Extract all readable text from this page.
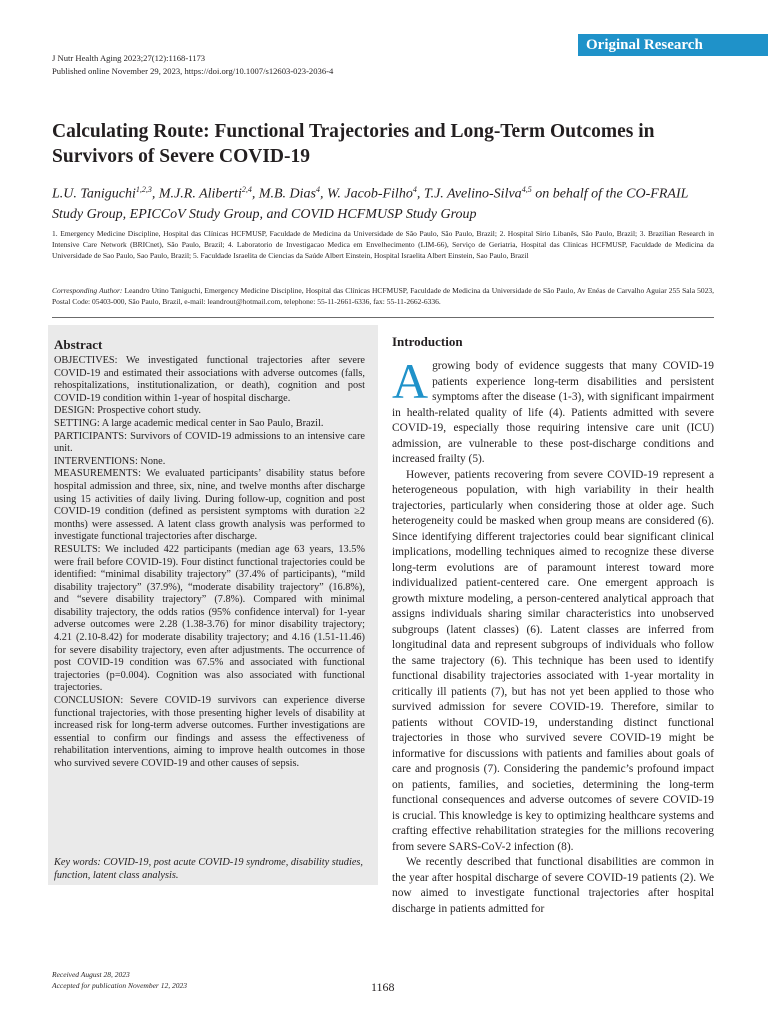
Original Research
J Nutr Health Aging 2023;27(12):1168-1173
Published online November 29, 2023, https://doi.org/10.1007/s12603-023-2036-4
Calculating Route: Functional Trajectories and Long-Term Outcomes in Survivors of Severe COVID-19
L.U. Taniguchi$^{1,2,3}$, M.J.R. Aliberti$^{2,4}$, M.B. Dias$^4$, W. Jacob-Filho$^4$, T.J. Avelino-Silva$^{4,5}$ on behalf of the CO-FRAIL Study Group, EPICCoV Study Group, and COVID HCFMUSP Study Group
1. Emergency Medicine Discipline, Hospital das Clínicas HCFMUSP, Faculdade de Medicina da Universidade de São Paulo, São Paulo, Brazil; 2. Hospital Sírio Libanês, São Paulo, Brazil; 3. Brazilian Research in Intensive Care Network (BRICnet), São Paulo, Brazil; 4. Laboratorio de Investigacao Medica em Envelhecimento (LIM-66), Serviço de Geriatria, Hospital das Clinicas HCFMUSP, Faculdade de Medicina da Universidade de Sao Paulo, Sao Paulo, Brazil; 5. Faculdade Israelita de Ciencias da Saúde Albert Einstein, Hospital Israelita Albert Einstein, Sao Paulo, Brazil
Corresponding Author: Leandro Utino Taniguchi, Emergency Medicine Discipline, Hospital das Clínicas HCFMUSP, Faculdade de Medicina da Universidade de São Paulo, Av Enéas de Carvalho Aguiar 255 Sala 5023, Postal Code: 05403-000, São Paulo, Brazil, e-mail: leandrout@hotmail.com, telephone: 55-11-2661-6336, fax: 55-11-2662-6336.
Abstract

OBJECTIVES: We investigated functional trajectories after severe COVID-19 and estimated their associations with adverse outcomes (falls, rehospitalizations, institutionalization, or death), cognition and post COVID-19 condition within 1-year of hospital discharge.

DESIGN: Prospective cohort study.

SETTING: A large academic medical center in Sao Paulo, Brazil.

PARTICIPANTS: Survivors of COVID-19 admissions to an intensive care unit.

INTERVENTIONS: None.

MEASUREMENTS: We evaluated participants’ disability status before hospital admission and three, six, nine, and twelve months after discharge using 15 activities of daily living. During follow-up, cognition and post COVID-19 condition (defined as persistent symptoms with duration ≥2 months) were assessed. A latent class growth analysis was performed to investigate functional trajectories after discharge.

RESULTS: We included 422 participants (median age 63 years, 13.5% were frail before COVID-19). Four distinct functional trajectories could be identified: “minimal disability trajectory” (37.4% of participants), “mild disability trajectory” (37.9%), “moderate disability trajectory” (16.8%), and “severe disability trajectory” (7.8%). Compared with minimal disability trajectory, the odds ratios (95% confidence interval) for 1-year adverse outcomes were 2.28 (1.38-3.76) for minor disability trajectory; 4.21 (2.10-8.42) for moderate disability trajectory; and 4.16 (1.51-11.46) for severe disability trajectory, even after adjustments. The occurrence of post COVID-19 condition was 67.5% and associated with functional trajectories (p=0.004). Cognition was also associated with functional trajectories.

CONCLUSION: Severe COVID-19 survivors can experience diverse functional trajectories, with those presenting higher levels of disability at increased risk for long-term adverse outcomes. Further investigations are essential to confirm our findings and assess the effectiveness of rehabilitation interventions, aiming to improve health outcomes in those who survived severe COVID-19 and other causes of sepsis.

Key words: COVID-19, post acute COVID-19 syndrome, disability studies, function, latent class analysis.
Introduction

A growing body of evidence suggests that many COVID-19 patients experience long-term disabilities and persistent symptoms after the disease (1-3), with significant impairment in health-related quality of life (4). Patients admitted with severe COVID-19, especially those requiring intensive care unit (ICU) admission, are vulnerable to these post-discharge conditions and increased frailty (5).

However, patients recovering from severe COVID-19 represent a heterogeneous population, with high variability in their health trajectories, particularly when considering those at older age. Such heterogeneity could be masked when group means are considered (6). Since identifying different trajectories could bear significant clinical implications, modelling techniques aimed to recognize these diverse long-term evolutions are of paramount interest toward more individualized patient-centered care. One emergent approach is growth mixture modeling, a person-centered analytical approach that assigns individuals sharing similar characteristics into unobserved subgroups (latent classes) (6). Latent classes are inferred from longitudinal data and represent subgroups of individuals who follow the same trajectory (6). This technique has been used to identify functional disability trajectories associated with 1-year mortality in critically ill patients (7), but has not yet been applied to those who survived admission for severe COVID-19. Therefore, similar to patients without COVID-19, understanding distinct functional trajectories in those who survived severe COVID-19 might be informative for discussions with patients and families about goals of care and prognosis (7). Considering the pandemic’s profound impact on patients, families, and societies, determining the long-term functional consequences and adverse outcomes of severe COVID-19 is crucial. This knowledge is key to optimizing healthcare systems and crafting effective rehabilitation strategies for the millions recovering from severe SARS-CoV-2 infection (8).

We recently described that functional disabilities are common in the year after hospital discharge of severe COVID-19 patients (2). We now aimed to investigate functional trajectories after hospital discharge in patients admitted for

Received August 28, 2023
Accepted for publication November 12, 2023	1168
